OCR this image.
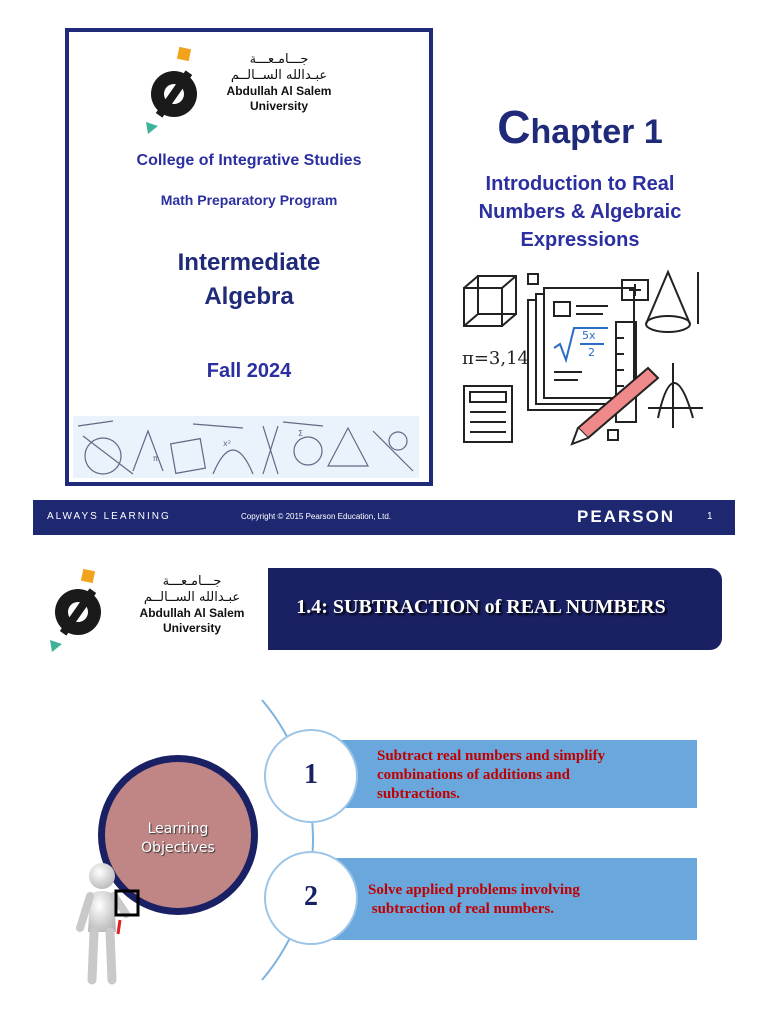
جـــامـعـــة
عبـدالله الســالــم
Abdullah Al Salem
University
College of Integrative Studies
Math Preparatory Program
Intermediate
Algebra
Fall 2024
x²
Σ
π
Chapter 1
Introduction to Real
Numbers & Algebraic
Expressions
π=3,14
5x
2
ALWAYS LEARNING	Copyright © 2015 Pearson Education, Ltd.	PEARSON	1
1.4: SUBTRACTION of REAL NUMBERS
جـــامـعـــة
عبـدالله الســالــم
Abdullah Al Salem
University
Subtract real numbers and simplify
combinations of additions and
subtractions.
Solve applied problems involving
subtraction of real numbers.
1
2
Learning
Objectives
